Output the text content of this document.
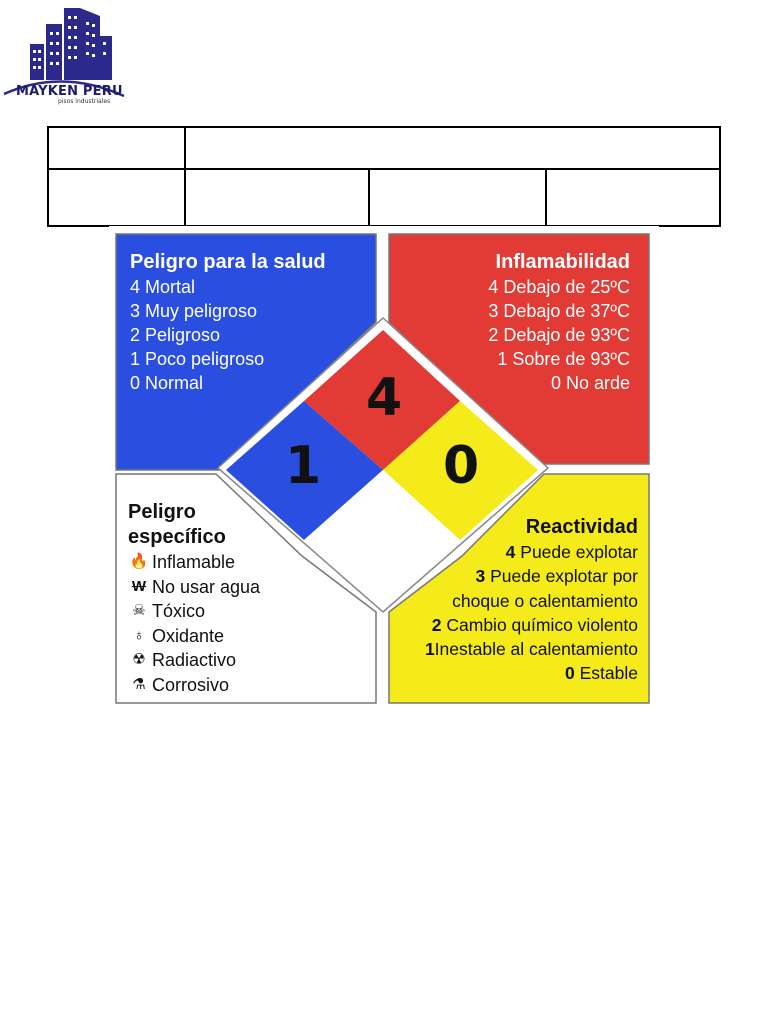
MAYKEN PERU
pisos industriales

4
1 0
Peligro para la salud
4 Mortal
3 Muy peligroso
2 Peligroso
1 Poco peligroso
0 Normal
Inflamabilidad
4 Debajo de 25ºC
3 Debajo de 37ºC
2 Debajo de 93ºC
1 Sobre de 93ºC
0 No arde
Peligro
específico
🔥 Inflamable
W No usar agua
☠ Tóxico
♁ Oxidante
☢ Radiactivo
⚗ Corrosivo
Reactividad
4 Puede explotar
3 Puede explotar por
choque o calentamiento
2 Cambio químico violento
1Inestable al calentamiento
0 Estable
